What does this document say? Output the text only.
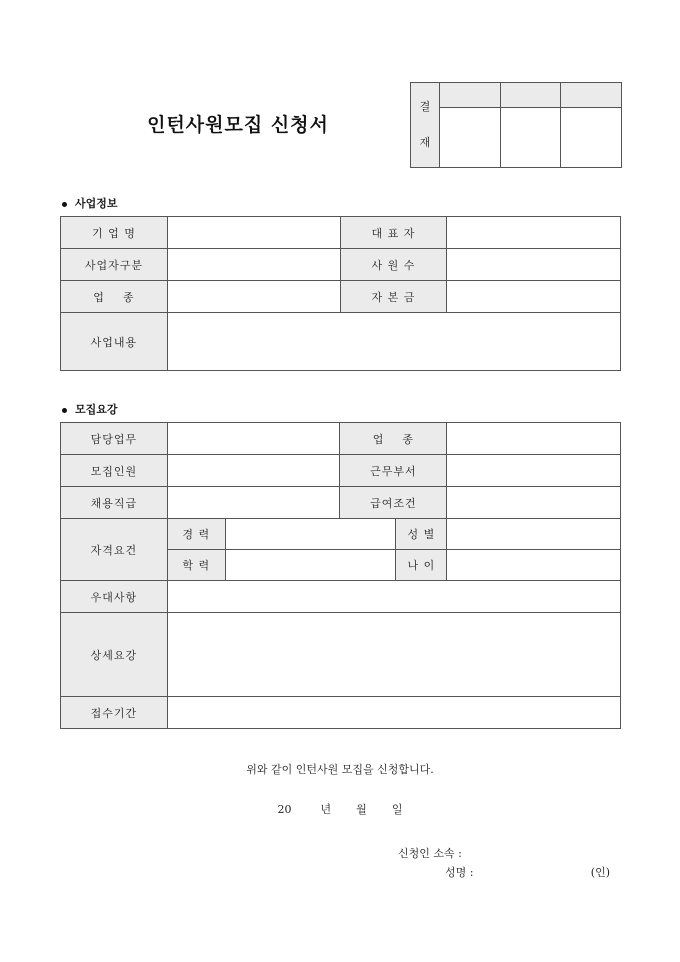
인턴사원모집 신청서
결
재			

사업정보
기 업 명		대 표 자	
사업자구분		사 원 수	
업    종		자 본 금	
사업내용			
모집요강
담당업무			업    종		
모집인원			근무부서		
채용직급			급여조건		
자격요건	경 력			성 별	
	학 력			나 이	
우대사항					
상세요강					
접수기간					
위와 같이 인턴사원 모집을 신청합니다.
20	년 월 일
신청인 소속 :
성명 :	(인)
